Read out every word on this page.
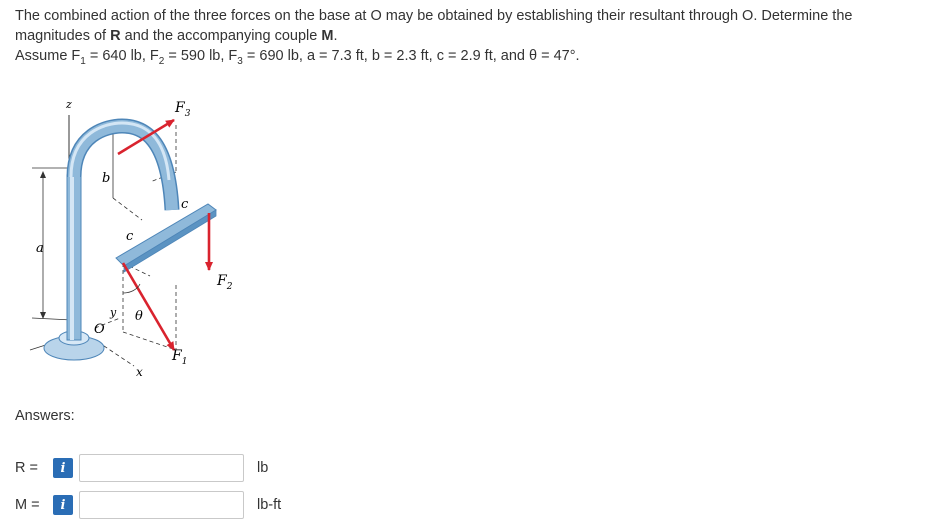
The combined action of the three forces on the base at O may be obtained by establishing their resultant through O. Determine the

magnitudes of R and the accompanying couple M.

Assume $F_1 = 640$ lb, $F_2 = 590$ lb, $F_3 = 690$ lb, a = 7.3 ft, b = 2.3 ft, c = 2.9 ft, and θ = 47°.

z
a
$F_3$
b
c
c
$F_2$
y
O
θ
x
$F_1$
Answers:
R =	i	lb
M =	i	lb-ft
